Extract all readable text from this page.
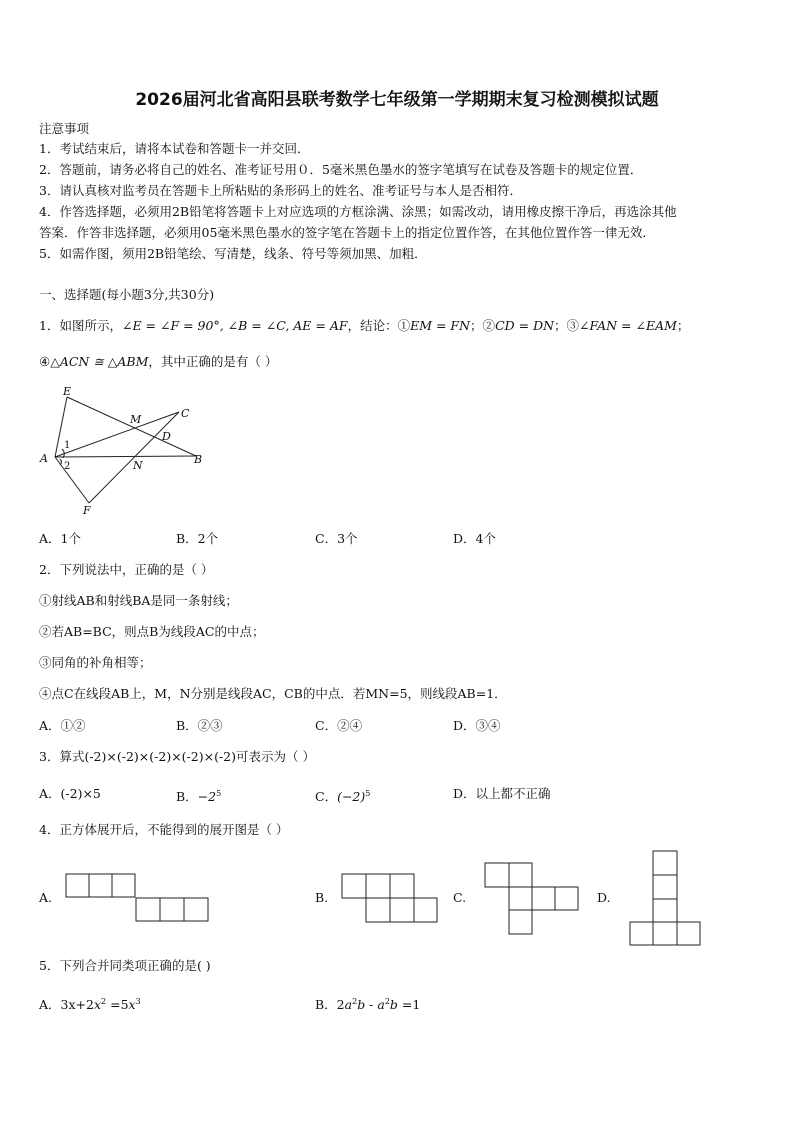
2026届河北省高阳县联考数学七年级第一学期期末复习检测模拟试题
注意事项
1．考试结束后，请将本试卷和答题卡一并交回．
2．答题前，请务必将自己的姓名、准考证号用０．5毫米黑色墨水的签字笔填写在试卷及答题卡的规定位置．
3．请认真核对监考员在答题卡上所粘贴的条形码上的姓名、准考证号与本人是否相符．
4．作答选择题，必须用2B铅笔将答题卡上对应选项的方框涂满、涂黑；如需改动，请用橡皮擦干净后，再选涂其他
答案．作答非选择题，必须用05毫米黑色墨水的签字笔在答题卡上的指定位置作答，在其他位置作答一律无效．
5．如需作图，须用2B铅笔绘、写清楚，线条、符号等须加黑、加粗．
一、选择题(每小题3分,共30分)
1．如图所示，∠E = ∠F = 90°, ∠B = ∠C, AE = AF，结论：①EM = FN；②CD = DN；③∠FAN = ∠EAM；
④△ACN ≅ △ABM，其中正确的是有（ ）
E
M	C
D
A	B
N
F
1
2
A．1个	B．2个	C．3个	D．4个
2．下列说法中，正确的是（ ）
①射线AB和射线BA是同一条射线；
②若AB=BC，则点B为线段AC的中点；
③同角的补角相等；
④点C在线段AB上，M，N分别是线段AC，CB的中点．若MN=5，则线段AB=1．
A．①②	B．②③	C．②④	D．③④
3．算式(-2)×(-2)×(-2)×(-2)×(-2)可表示为（ ）
A．(-2)×5	B．$-2^5$	C．$(-2)^5$	D．以上都不正确
4．正方体展开后，不能得到的展开图是（ ）
A.	B.	C.	D.
5．下列合并同类项正确的是( )
A．$3x+2x^2 =5x^3$	B．$2a^2b - a^2b =1$
